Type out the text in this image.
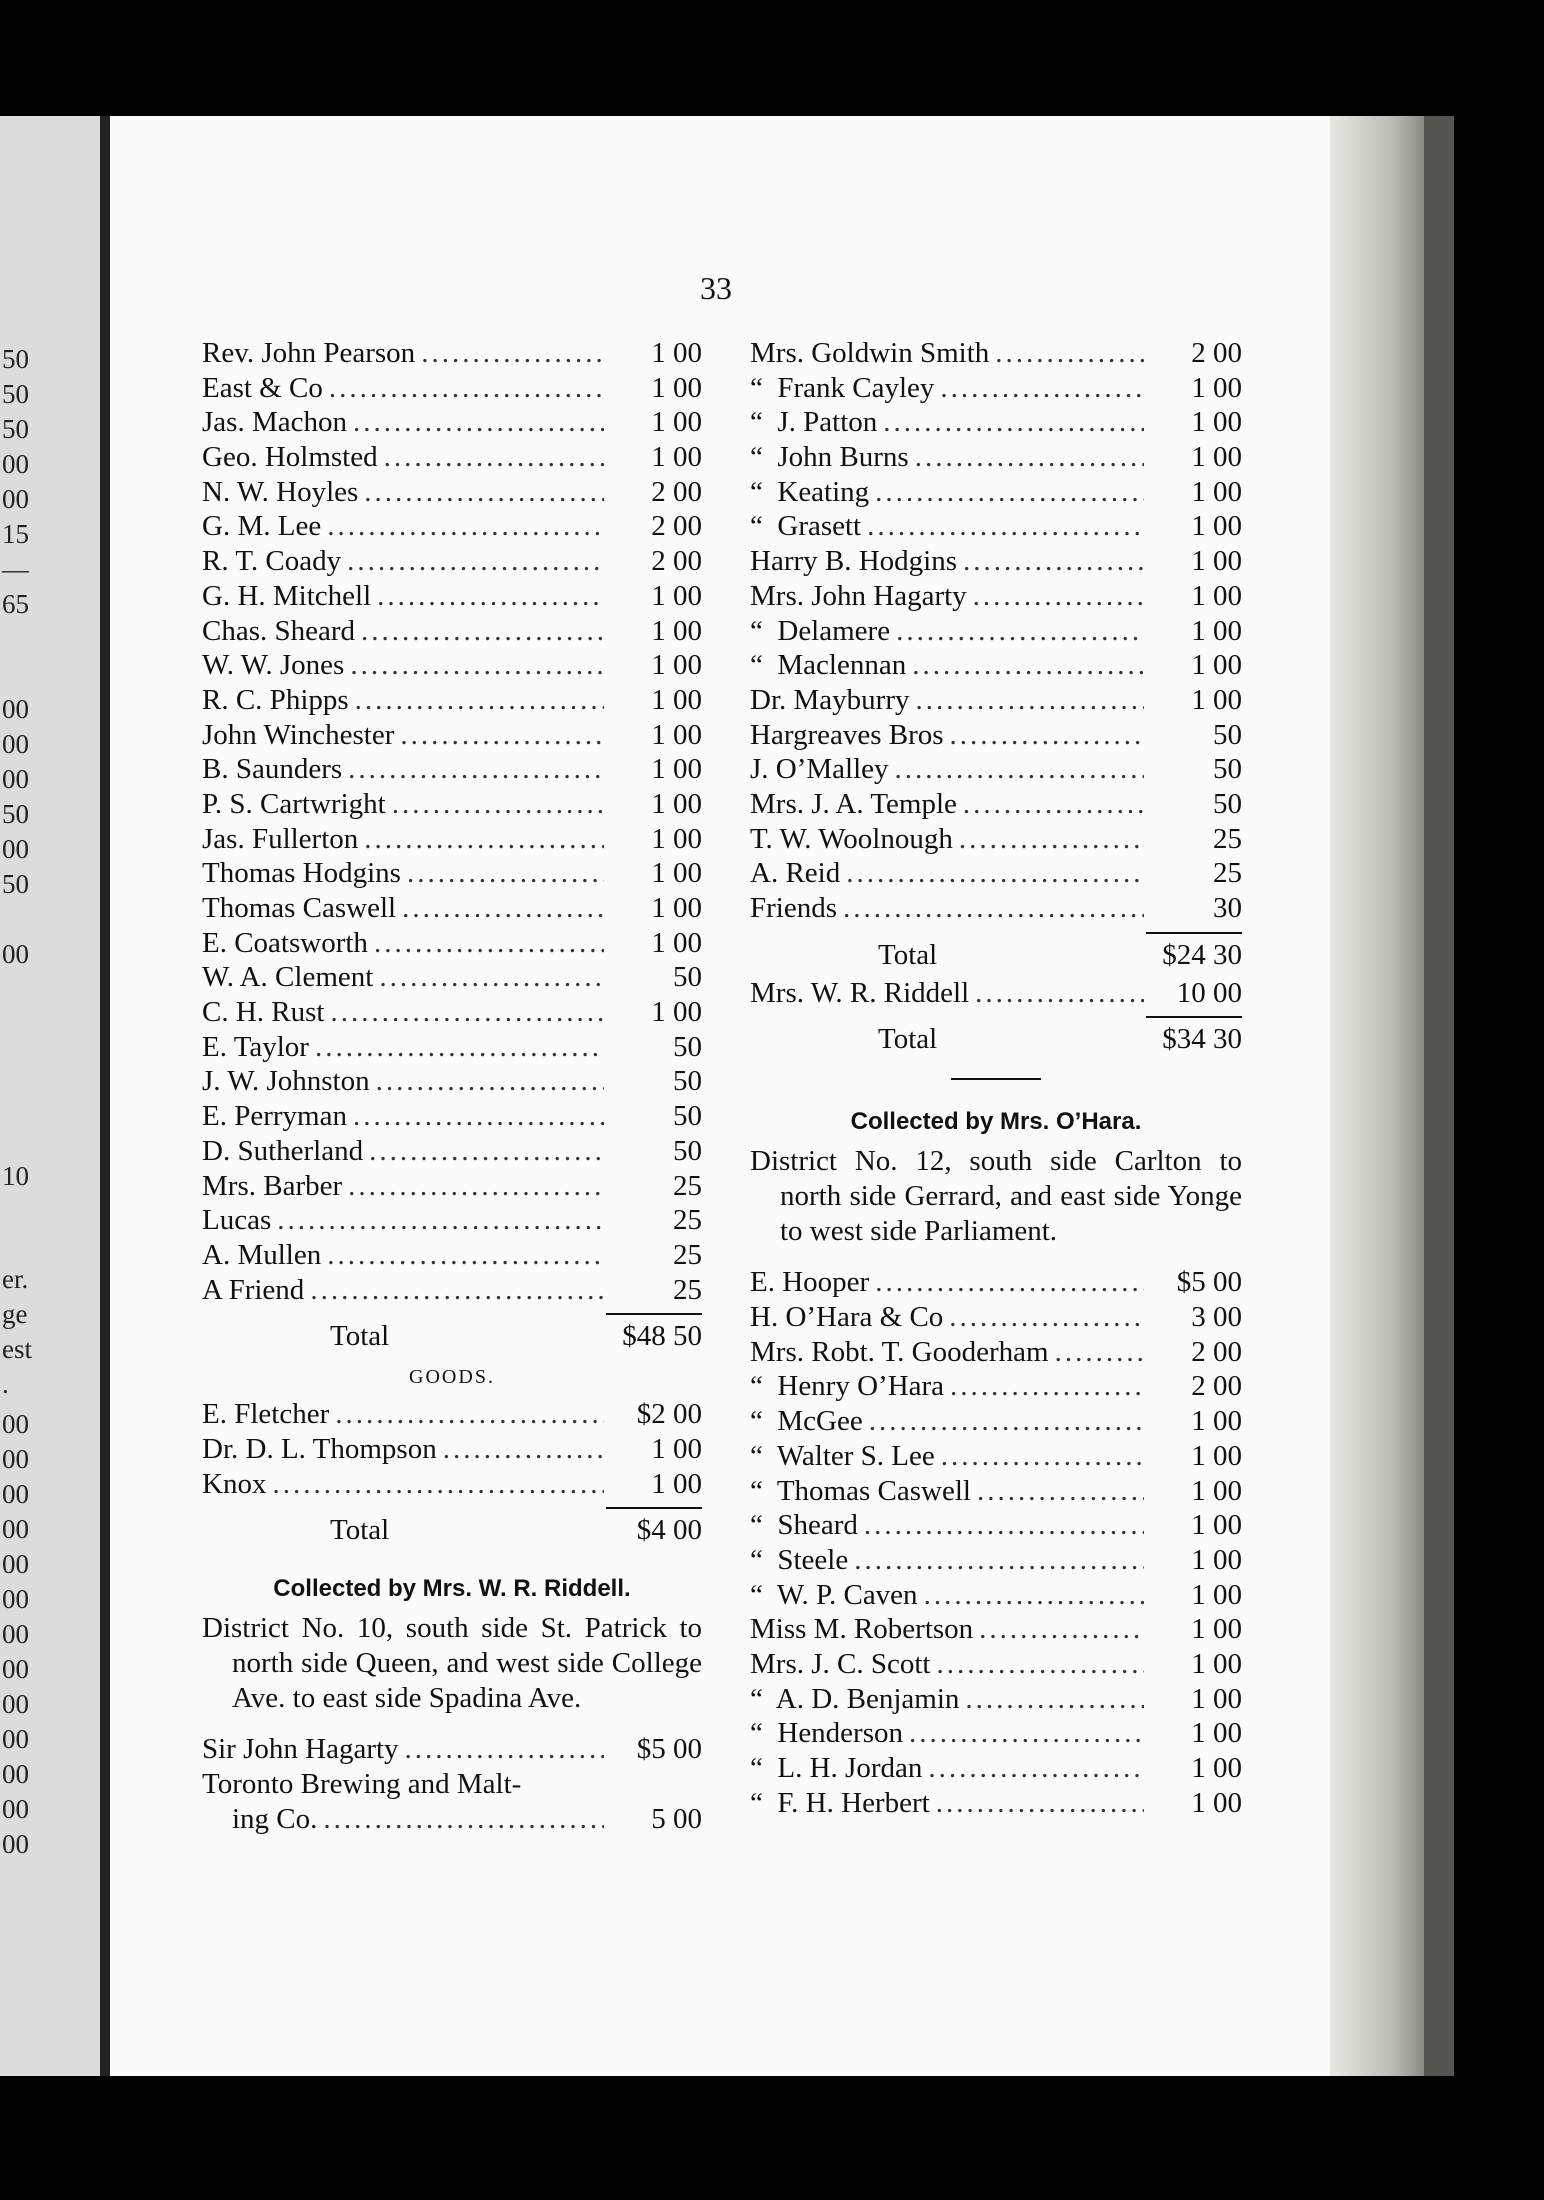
50
50
50
00
00
15
—
65
00
00
00
50
00
50
00
10
er.
ge
est
.
00
00
00
00
00
00
00
00
00
00
00
00
00
33
Rev. John Pearson .....	1 00
East & Co .....	1 00
Jas. Machon .....	1 00
Geo. Holmsted .....	1 00
N. W. Hoyles .....	2 00
G. M. Lee .....	2 00
R. T. Coady .....	2 00
G. H. Mitchell .....	1 00
Chas. Sheard .....	1 00
W. W. Jones .....	1 00
R. C. Phipps .....	1 00
John Winchester .....	1 00
B. Saunders .....	1 00
P. S. Cartwright .....	1 00
Jas. Fullerton .....	1 00
Thomas Hodgins .....	1 00
Thomas Caswell .....	1 00
E. Coatsworth .....	1 00
W. A. Clement .....	50
C. H. Rust .....	1 00
E. Taylor .....	50
J. W. Johnston .....	50
E. Perryman .....	50
D. Sutherland .....	50
Mrs. Barber .....	25
Lucas .....	25
A. Mullen .....	25
A Friend .....	25
Total	$48 50
GOODS.
E. Fletcher .....	$2 00
Dr. D. L. Thompson .....	1 00
Knox .....	1 00
Total	$4 00
Collected by Mrs. W. R. Riddell.
District No. 10, south side St. Patrick to north side Queen, and west side College Ave. to east side Spadina Ave.
Sir John Hagarty .....	$5 00
Toronto Brewing and Malt-
ing Co. .....	5 00
Mrs. Goldwin Smith .....	2 00
“  Frank Cayley .....	1 00
“  J. Patton .....	1 00
“  John Burns .....	1 00
“  Keating .....	1 00
“  Grasett .....	1 00
Harry B. Hodgins .....	1 00
Mrs. John Hagarty .....	1 00
“  Delamere .....	1 00
“  Maclennan .....	1 00
Dr. Mayburry .....	1 00
Hargreaves Bros .....	50
J. O’Malley .....	50
Mrs. J. A. Temple .....	50
T. W. Woolnough .....	25
A. Reid .....	25
Friends .....	30
Total	$24 30
Mrs. W. R. Riddell .....	10 00
Total	$34 30
Collected by Mrs. O’Hara.
District No. 12, south side Carlton to north side Gerrard, and east side Yonge to west side Parliament.
E. Hooper .....	$5 00
H. O’Hara & Co .....	3 00
Mrs. Robt. T. Gooderham .....	2 00
“  Henry O’Hara .....	2 00
“  McGee .....	1 00
“  Walter S. Lee .....	1 00
“  Thomas Caswell .....	1 00
“  Sheard .....	1 00
“  Steele .....	1 00
“  W. P. Caven .....	1 00
Miss M. Robertson .....	1 00
Mrs. J. C. Scott .....	1 00
“  A. D. Benjamin .....	1 00
“  Henderson .....	1 00
“  L. H. Jordan .....	1 00
“  F. H. Herbert .....	1 00
